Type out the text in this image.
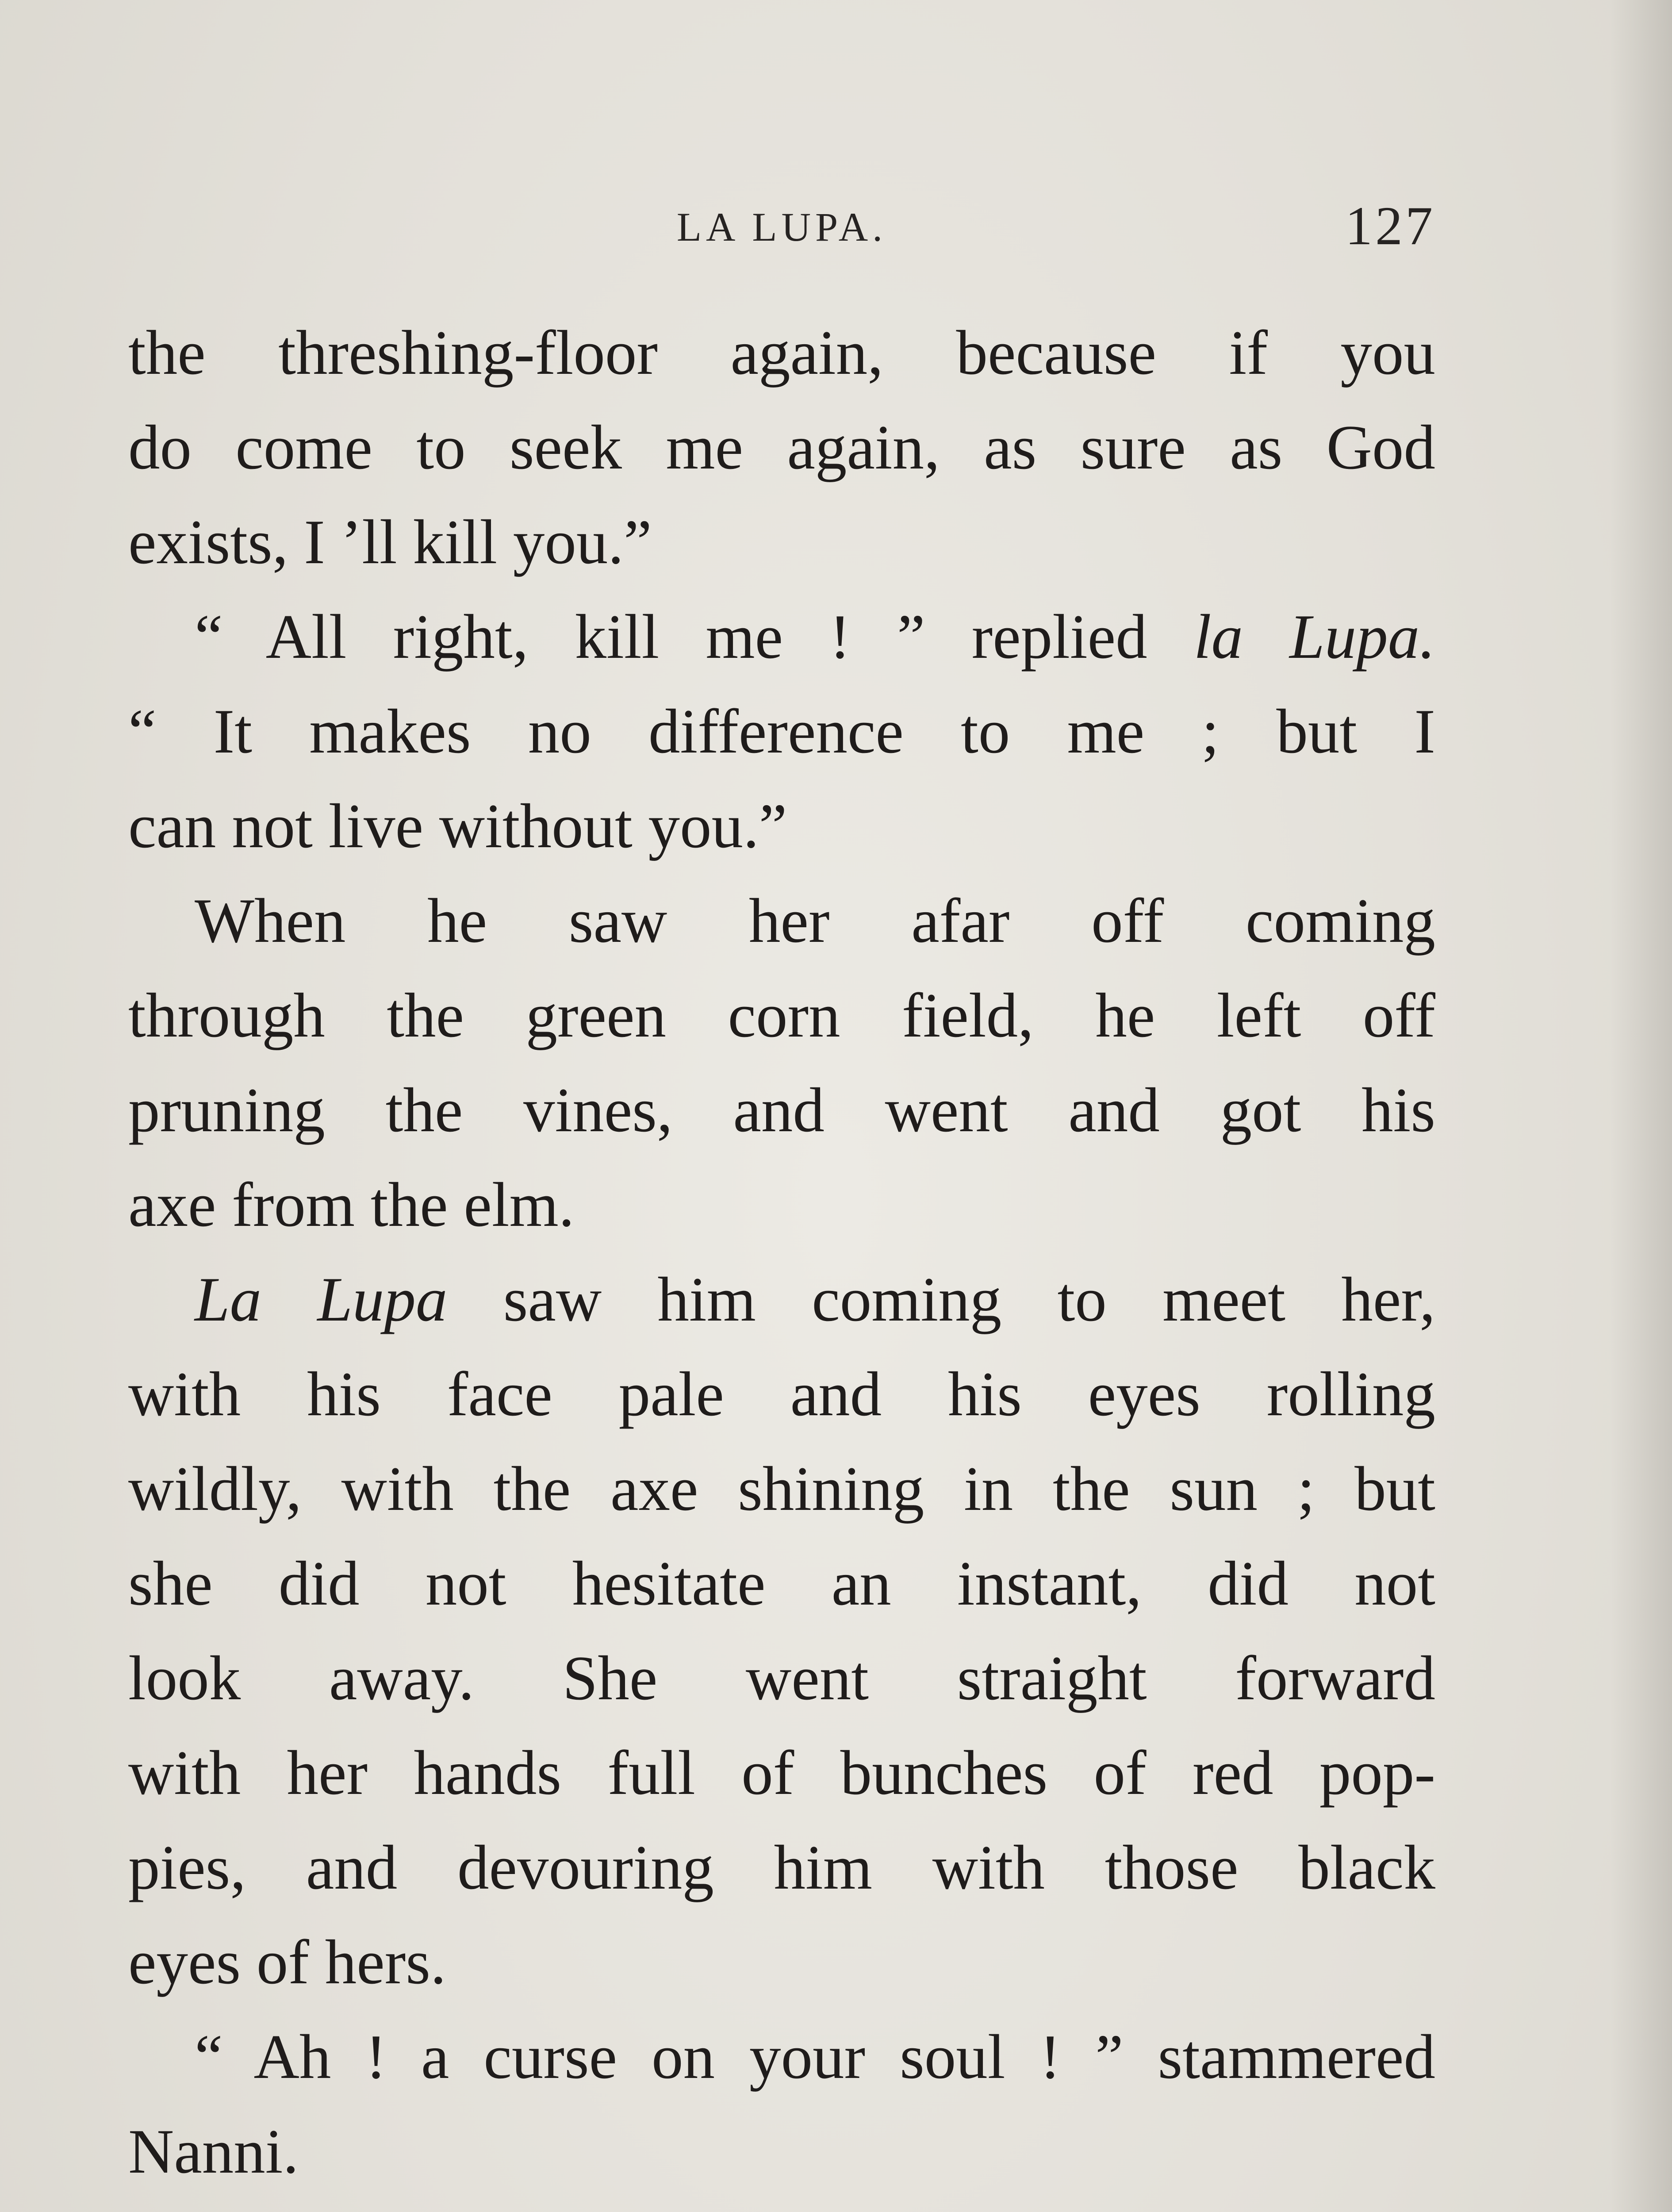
LA LUPA.	127

the threshing-floor again, because if you
do come to seek me again, as sure as God
exists, I ’ll kill you.”

“ All right, kill me ! ” replied la Lupa.
“ It makes no difference to me ; but I
can not live without you.”

When he saw her afar off coming
through the green corn field, he left off
pruning the vines, and went and got his
axe from the elm.

La Lupa saw him coming to meet her,
with his face pale and his eyes rolling
wildly, with the axe shining in the sun ; but
she did not hesitate an instant, did not
look away. She went straight forward
with her hands full of bunches of red pop-
pies, and devouring him with those black
eyes of hers.

“ Ah ! a curse on your soul ! ” stammered
Nanni.
